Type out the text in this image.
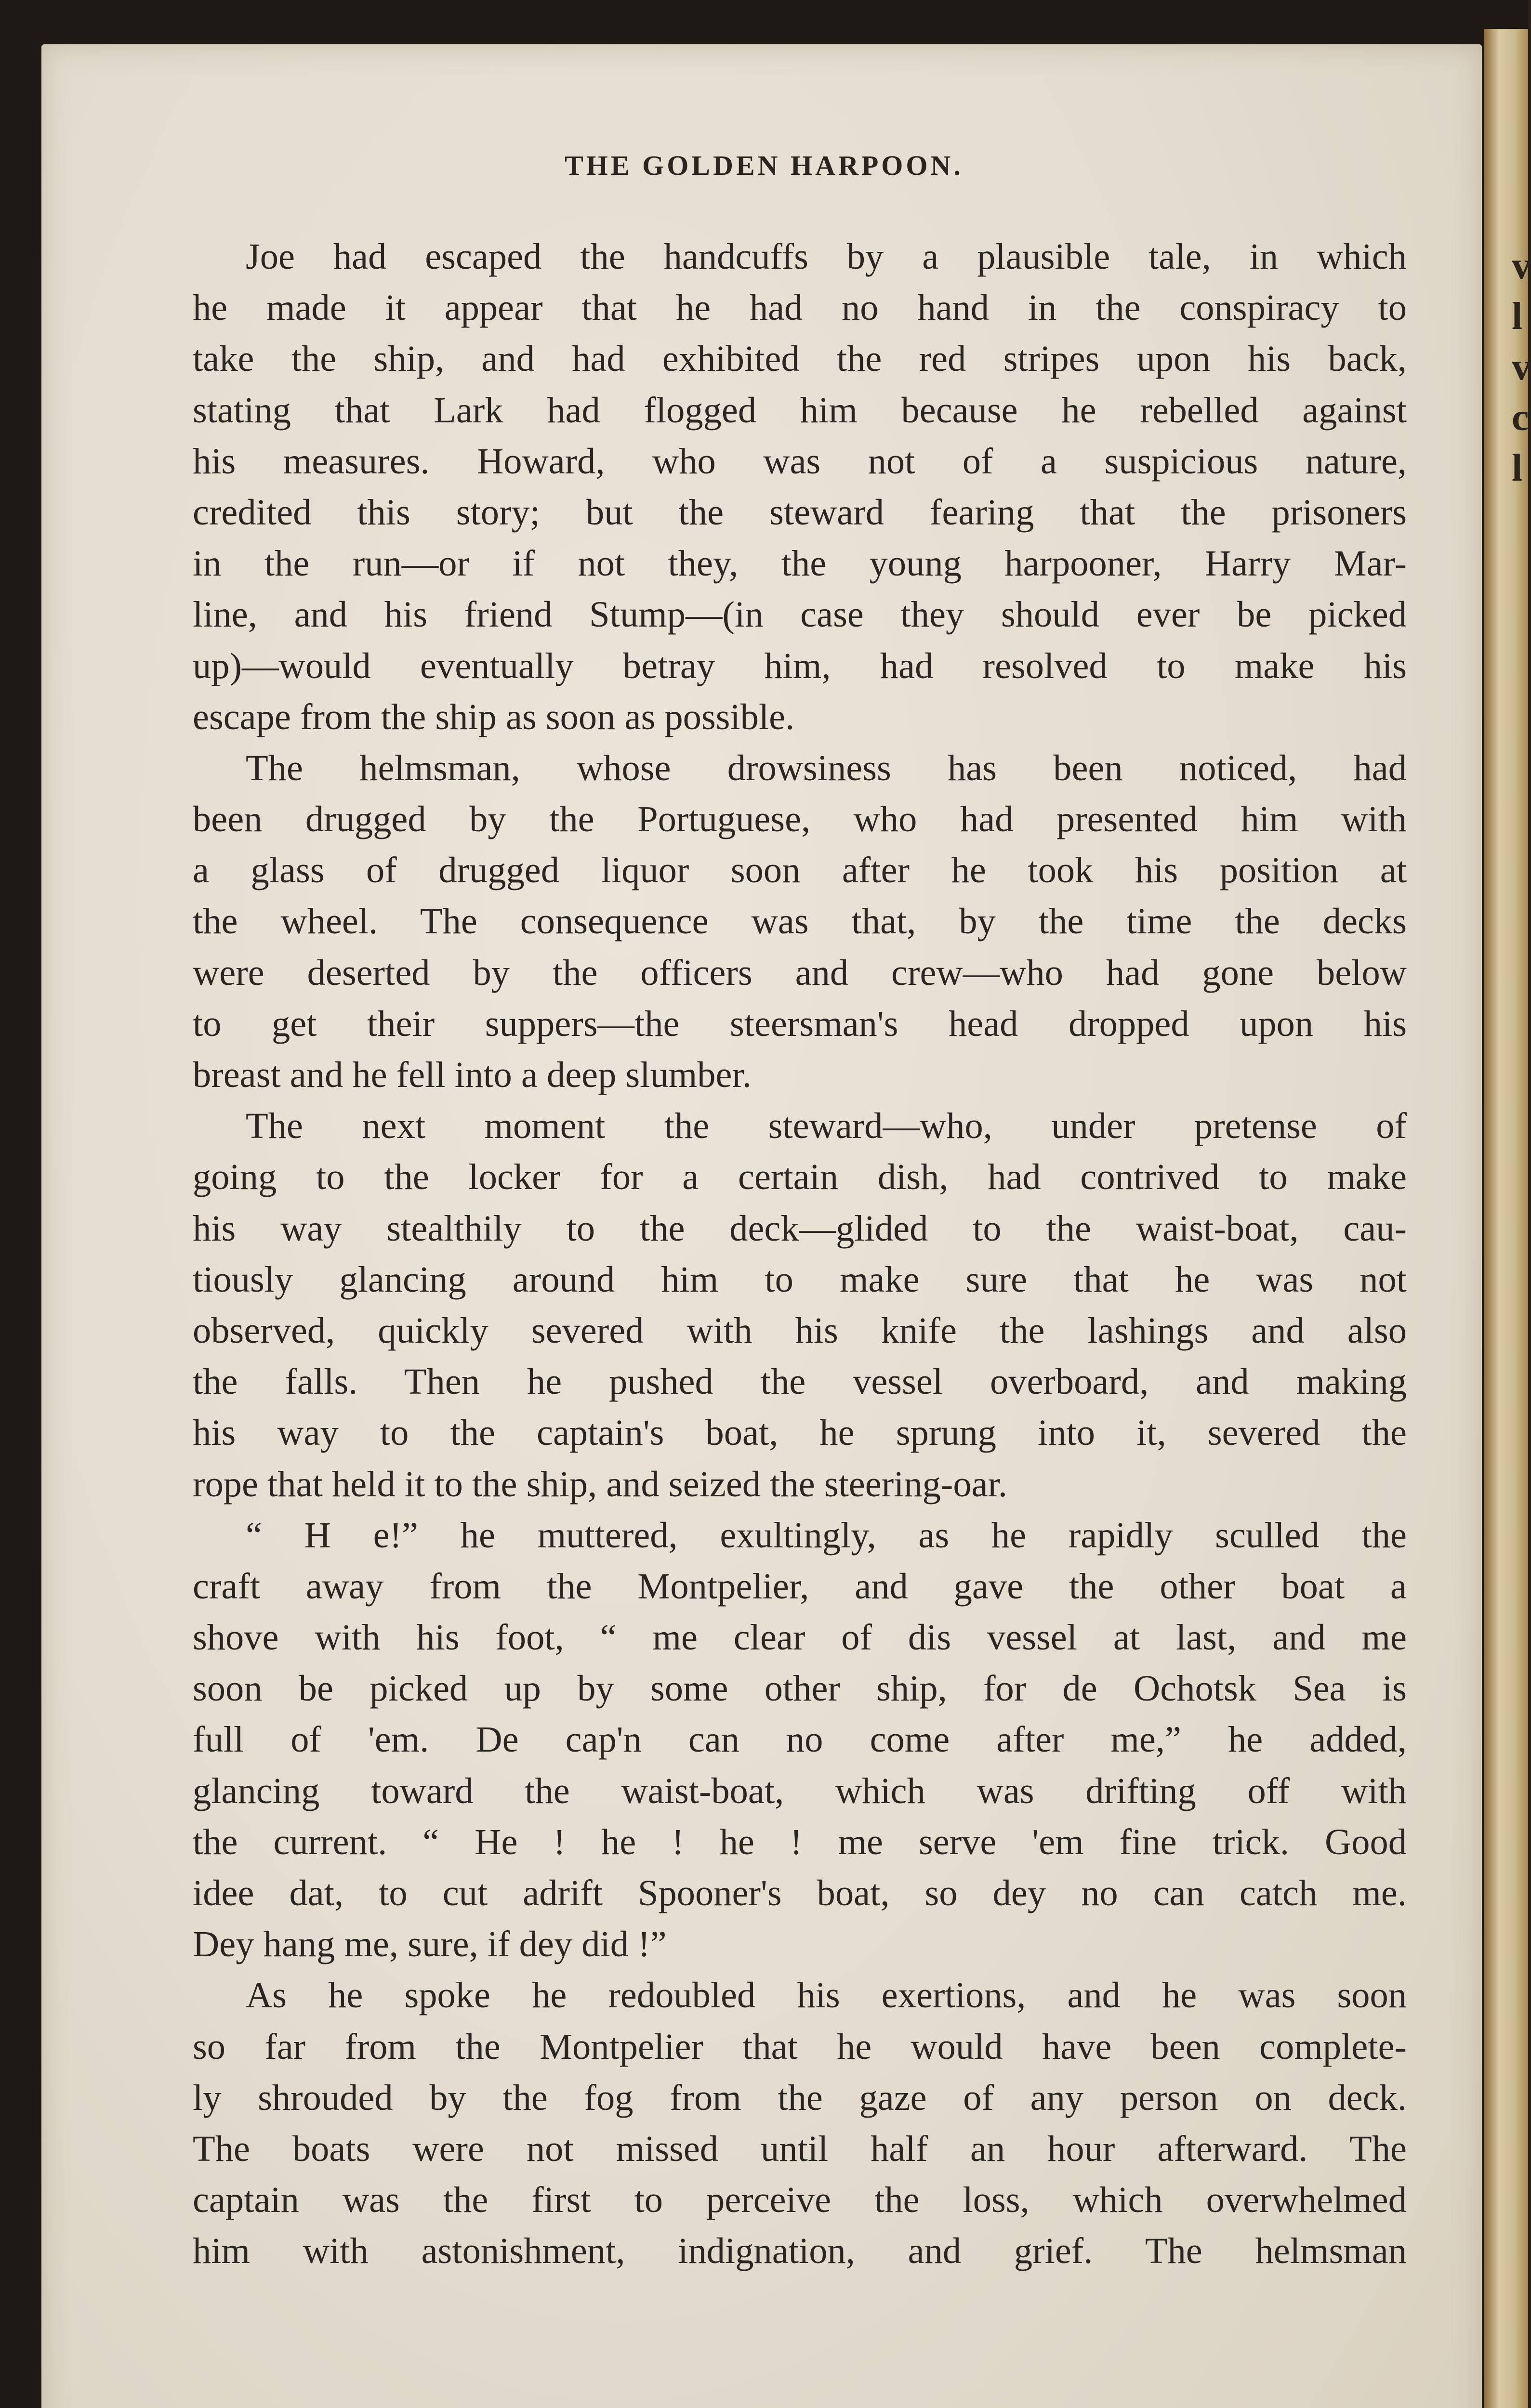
v
l
v
c
l
THE GOLDEN HARPOON.
Joe had escaped the handcuffs by a plausible tale, in which
he made it appear that he had no hand in the conspiracy to
take the ship, and had exhibited the red stripes upon his back,
stating that Lark had flogged him because he rebelled against
his measures. Howard, who was not of a suspicious nature,
credited this story; but the steward fearing that the prisoners
in the run—or if not they, the young harpooner, Harry Mar-
line, and his friend Stump—(in case they should ever be picked
up)—would eventually betray him, had resolved to make his
escape from the ship as soon as possible.
The helmsman, whose drowsiness has been noticed, had
been drugged by the Portuguese, who had presented him with
a glass of drugged liquor soon after he took his position at
the wheel. The consequence was that, by the time the decks
were deserted by the officers and crew—who had gone below
to get their suppers—the steersman's head dropped upon his
breast and he fell into a deep slumber.
The next moment the steward—who, under pretense of
going to the locker for a certain dish, had contrived to make
his way stealthily to the deck—glided to the waist-boat, cau-
tiously glancing around him to make sure that he was not
observed, quickly severed with his knife the lashings and also
the falls. Then he pushed the vessel overboard, and making
his way to the captain's boat, he sprung into it, severed the
rope that held it to the ship, and seized the steering-oar.
“ H e!” he muttered, exultingly, as he rapidly sculled the
craft away from the Montpelier, and gave the other boat a
shove with his foot, “ me clear of dis vessel at last, and me
soon be picked up by some other ship, for de Ochotsk Sea is
full of 'em. De cap'n can no come after me,” he added,
glancing toward the waist-boat, which was drifting off with
the current. “ He ! he ! he ! me serve 'em fine trick. Good
idee dat, to cut adrift Spooner's boat, so dey no can catch me.
Dey hang me, sure, if dey did !”
As he spoke he redoubled his exertions, and he was soon
so far from the Montpelier that he would have been complete-
ly shrouded by the fog from the gaze of any person on deck.
The boats were not missed until half an hour afterward. The
captain was the first to perceive the loss, which overwhelmed
him with astonishment, indignation, and grief. The helmsman
